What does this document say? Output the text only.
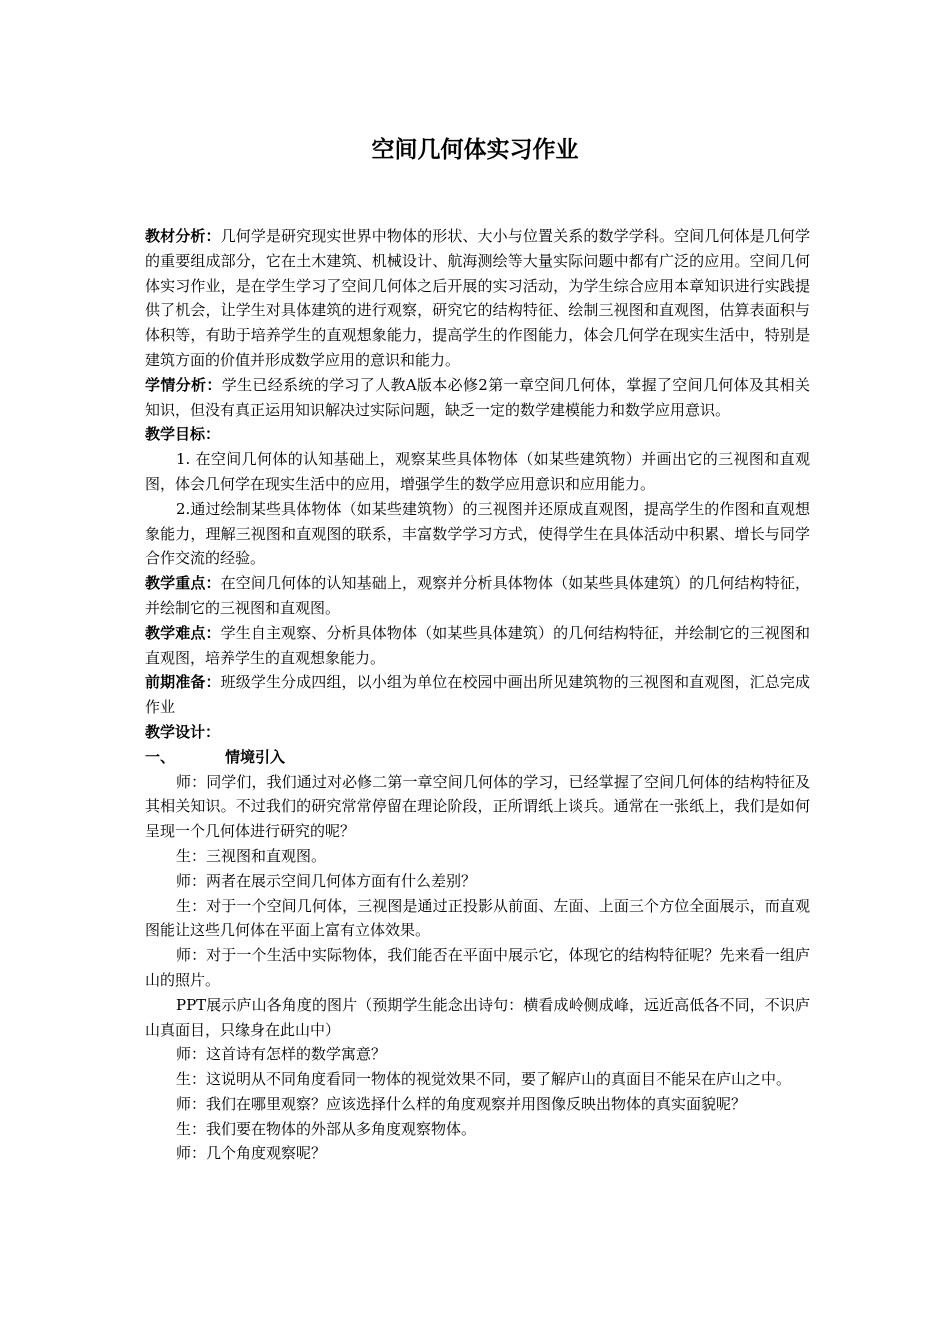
空间几何体实习作业

教材分析：几何学是研究现实世界中物体的形状、大小与位置关系的数学学科。空间几何体是几何学的重要组成部分，它在土木建筑、机械设计、航海测绘等大量实际问题中都有广泛的应用。空间几何体实习作业，是在学生学习了空间几何体之后开展的实习活动，为学生综合应用本章知识进行实践提供了机会，让学生对具体建筑的进行观察，研究它的结构特征、绘制三视图和直观图，估算表面积与体积等，有助于培养学生的直观想象能力，提高学生的作图能力，体会几何学在现实生活中，特别是建筑方面的价值并形成数学应用的意识和能力。

学情分析：学生已经系统的学习了人教A版本必修2第一章空间几何体，掌握了空间几何体及其相关知识，但没有真正运用知识解决过实际问题，缺乏一定的数学建模能力和数学应用意识。

教学目标：

1. 在空间几何体的认知基础上，观察某些具体物体（如某些建筑物）并画出它的三视图和直观图，体会几何学在现实生活中的应用，增强学生的数学应用意识和应用能力。

2.通过绘制某些具体物体（如某些建筑物）的三视图并还原成直观图，提高学生的作图和直观想象能力，理解三视图和直观图的联系，丰富数学学习方式，使得学生在具体活动中积累、增长与同学合作交流的经验。

教学重点：在空间几何体的认知基础上，观察并分析具体物体（如某些具体建筑）的几何结构特征，并绘制它的三视图和直观图。

教学难点：学生自主观察、分析具体物体（如某些具体建筑）的几何结构特征，并绘制它的三视图和直观图，培养学生的直观想象能力。

前期准备：班级学生分成四组，以小组为单位在校园中画出所见建筑物的三视图和直观图，汇总完成作业

教学设计：

一、	情境引入

师：同学们，我们通过对必修二第一章空间几何体的学习，已经掌握了空间几何体的结构特征及其相关知识。不过我们的研究常常停留在理论阶段，正所谓纸上谈兵。通常在一张纸上，我们是如何呈现一个几何体进行研究的呢？

生：三视图和直观图。

师：两者在展示空间几何体方面有什么差别？

生：对于一个空间几何体，三视图是通过正投影从前面、左面、上面三个方位全面展示，而直观图能让这些几何体在平面上富有立体效果。

师：对于一个生活中实际物体，我们能否在平面中展示它，体现它的结构特征呢？先来看一组庐山的照片。

PPT展示庐山各角度的图片（预期学生能念出诗句：横看成岭侧成峰，远近高低各不同，不识庐山真面目，只缘身在此山中）

师：这首诗有怎样的数学寓意？

生：这说明从不同角度看同一物体的视觉效果不同，要了解庐山的真面目不能呆在庐山之中。

师：我们在哪里观察？应该选择什么样的角度观察并用图像反映出物体的真实面貌呢？

生：我们要在物体的外部从多角度观察物体。

师：几个角度观察呢？
